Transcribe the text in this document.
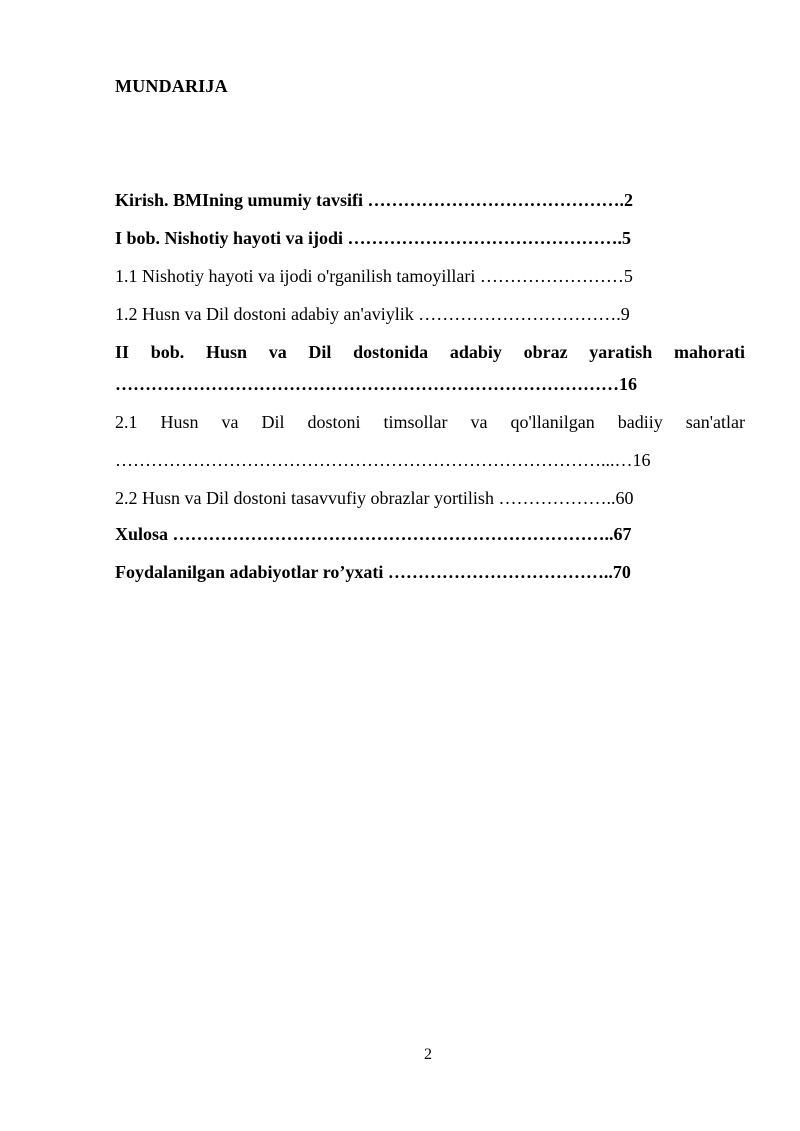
MUNDARIJA
Kirish. BMIning umumiy tavsifi …………………………………….2
I bob. Nishotiy hayoti va ijodi ……………………………………….5
1.1 Nishotiy hayoti va ijodi o'rganilish tamoyillari ……………………5
1.2 Husn va Dil dostoni adabiy an'aviylik …………………………….9
II bob. Husn va Dil dostonida adabiy obraz yaratish mahorati
…………………………………………………………………………16
2.1 Husn va Dil dostoni timsollar va qo'llanilgan badiiy san'atlar
………………………………………………………………………...…16
2.2 Husn va Dil dostoni tasavvufiy obrazlar yortilish ………………..60
Xulosa ………………………………………………………………..67
Foydalanilgan adabiyotlar ro’yxati ………………………………..70
2
